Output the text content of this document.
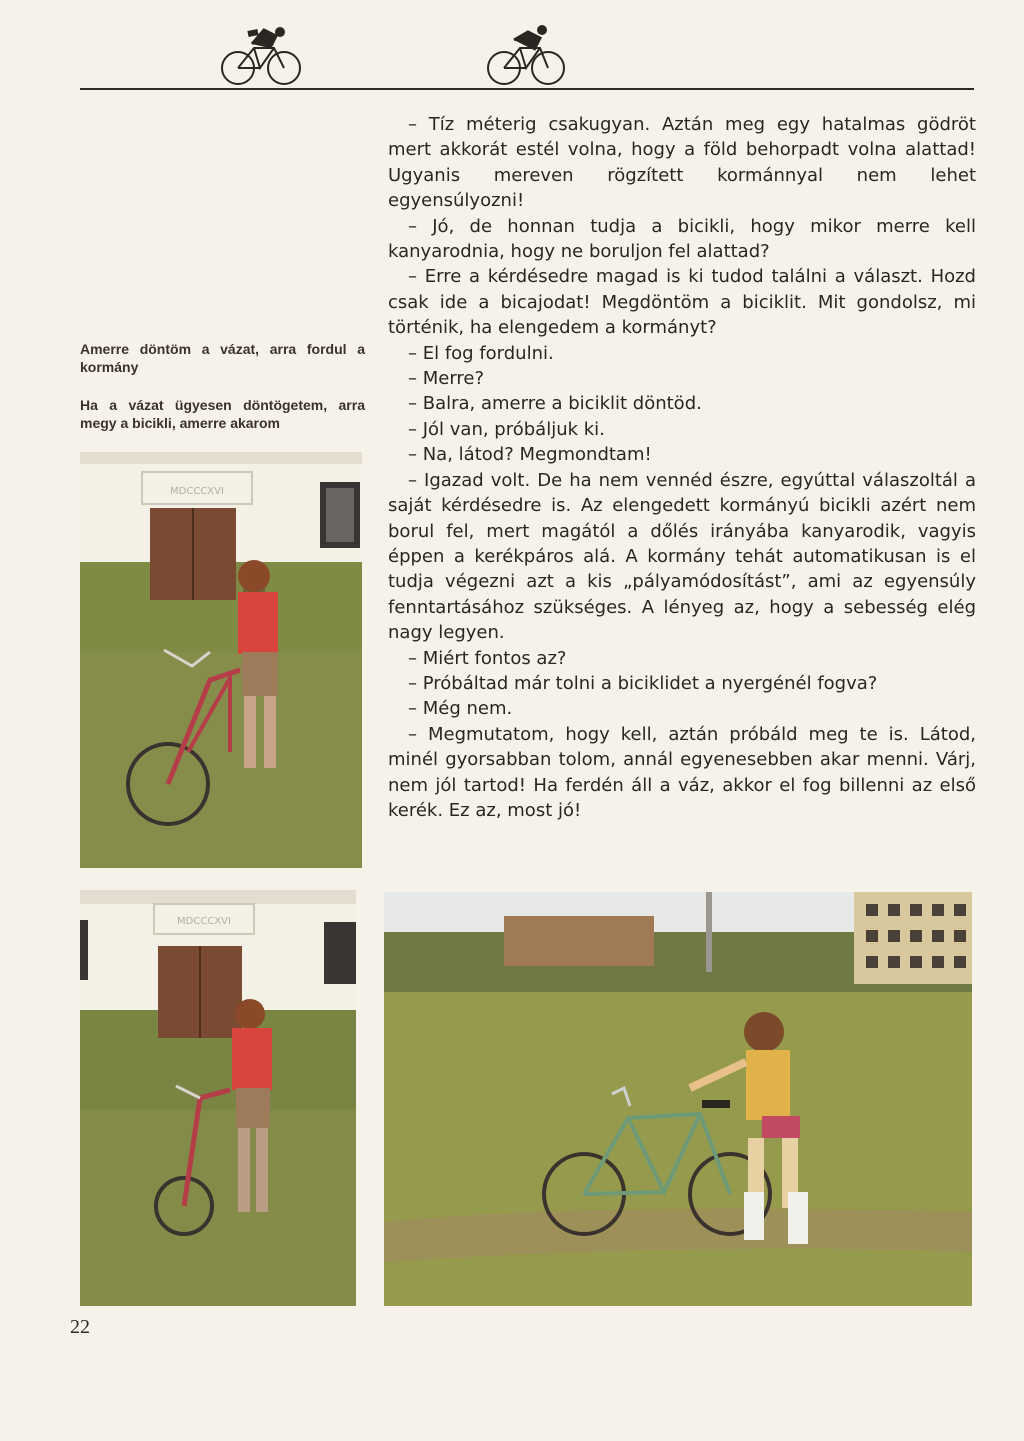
Amerre döntöm a vázat, arra fordul a kormány
Ha a vázat ügyesen döntögetem, arra megy a bicikli, amerre akarom

– Tíz méterig csakugyan. Aztán meg egy hatalmas gödröt mert akkorát estél volna, hogy a föld behorpadt volna alattad! Ugyanis mereven rögzített kormánnyal nem lehet egyensúlyozni!

– Jó, de honnan tudja a bicikli, hogy mikor merre kell kanyarodnia, hogy ne boruljon fel alattad?

– Erre a kérdésedre magad is ki tudod találni a választ. Hozd csak ide a bicajodat! Megdöntöm a biciklit. Mit gondolsz, mi történik, ha elengedem a kormányt?

– El fog fordulni.

– Merre?

– Balra, amerre a biciklit döntöd.

– Jól van, próbáljuk ki.

– Na, látod? Megmondtam!

– Igazad volt. De ha nem vennéd észre, egyúttal válaszoltál a saját kérdésedre is. Az elengedett kormányú bicikli azért nem borul fel, mert magától a dőlés irányába kanyarodik, vagyis éppen a kerékpáros alá. A kormány tehát automatikusan is el tudja végezni azt a kis „pályamódosítást”, ami az egyensúly fenntartásához szükséges. A lényeg az, hogy a sebesség elég nagy legyen.

– Miért fontos az?

– Próbáltad már tolni a biciklidet a nyergénél fogva?

– Még nem.

– Megmutatom, hogy kell, aztán próbáld meg te is. Látod, minél gyorsabban tolom, annál egyenesebben akar menni. Várj, nem jól tartod! Ha ferdén áll a váz, akkor el fog billenni az első kerék. Ez az, most jó!

MDCCCXVI
MDCCCXVI
22
